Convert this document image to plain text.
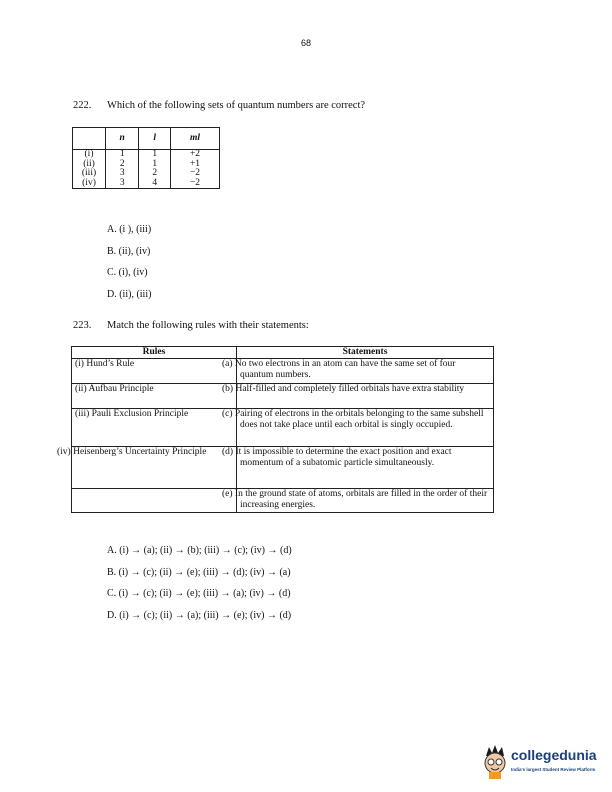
68
222. Which of the following sets of quantum numbers are correct?
	n	l	ml
(i)	1	1	+2
(ii)	2	1	+1
(iii)	3	2	−2
(iv)	3	4	−2
A. (i ), (iii)
B. (ii), (iv)
C. (i), (iv)
D. (ii), (iii)
223. Match the following rules with their statements:
Rules	Statements
(i) Hund’s Rule	(a) No two electrons in an atom can have the same set of four quantum numbers.
(ii) Aufbau Principle	(b) Half-filled and completely filled orbitals have extra stability
(iii) Pauli Exclusion Principle	(c) Pairing of electrons in the orbitals belonging to the same subshell does not take place until each orbital is singly occupied.
(iv) Heisenberg’s Uncertainty Principle	(d) It is impossible to determine the exact position and exact momentum of a subatomic particle simultaneously.
	(e) In the ground state of atoms, orbitals are filled in the order of their increasing energies.
A. (i) → (a); (ii) → (b); (iii) → (c); (iv) → (d)
B. (i) → (c); (ii) → (e); (iii) → (d); (iv) → (a)
C. (i) → (c); (ii) → (e); (iii) → (a); (iv) → (d)
D. (i) → (c); (ii) → (a); (iii) → (e); (iv) → (d)
collegedunia
India's largest Student Review Platform
